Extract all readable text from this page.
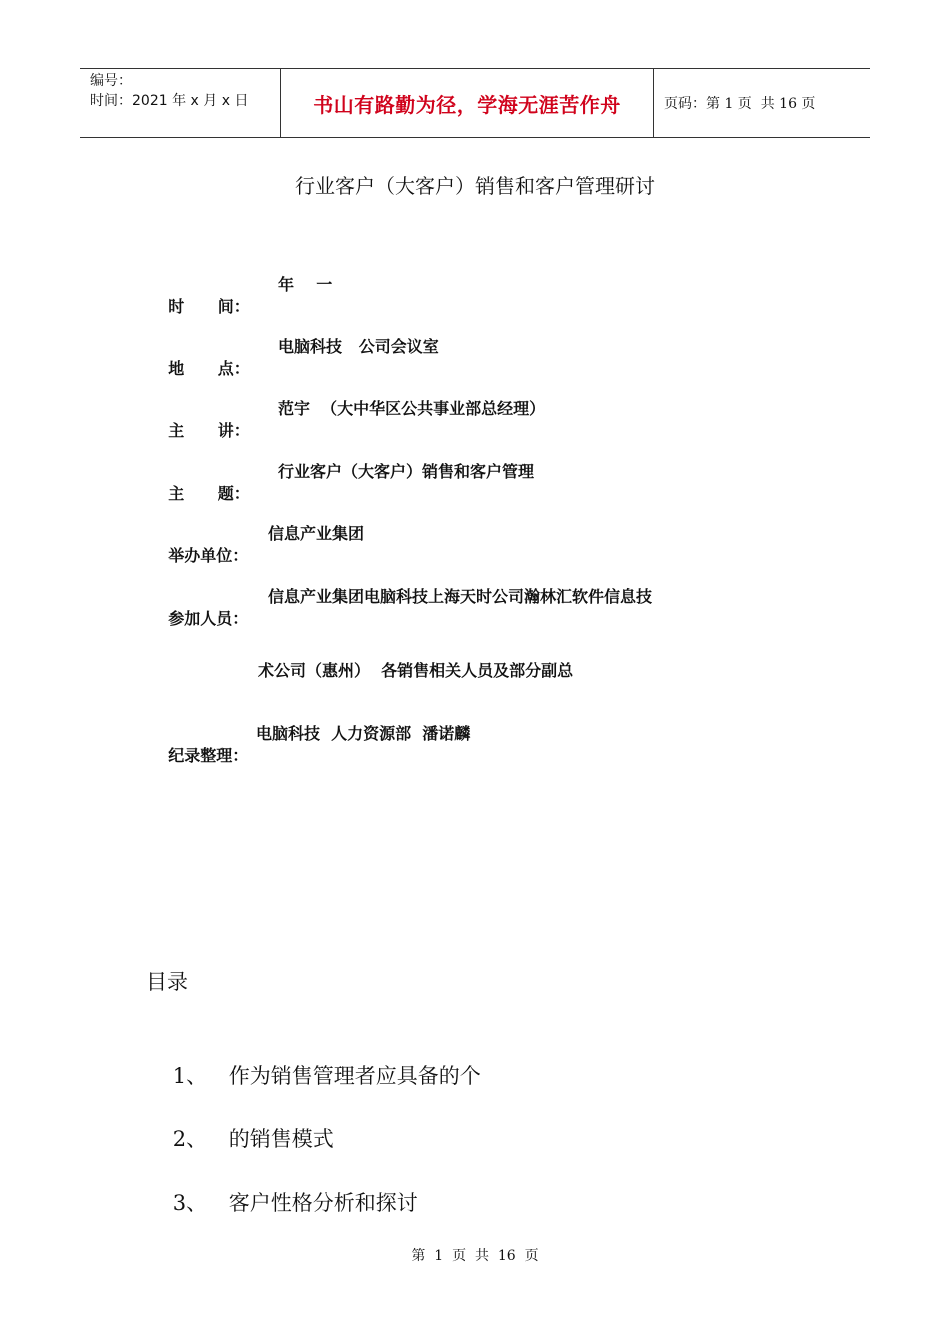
编号：
时间：2021 年 x 月 x 日	书山有路勤为径，学海无涯苦作舟	页码：第 1 页  共 16 页
行业客户（大客户）销售和客户管理研讨

时      间：

年    一

地      点：

电脑科技   公司会议室

主      讲：

范宇  （大中华区公共事业部总经理）

主      题：

行业客户（大客户）销售和客户管理

举办单位：

信息产业集团

参加人员：

信息产业集团电脑科技上海天时公司瀚林汇软件信息技

术公司（惠州）  各销售相关人员及部分副总

纪录整理：

电脑科技  人力资源部  潘诺麟

目录

1、 作为销售管理者应具备的个

2、 的销售模式

3、 客户性格分析和探讨

第  1  页  共  16  页
